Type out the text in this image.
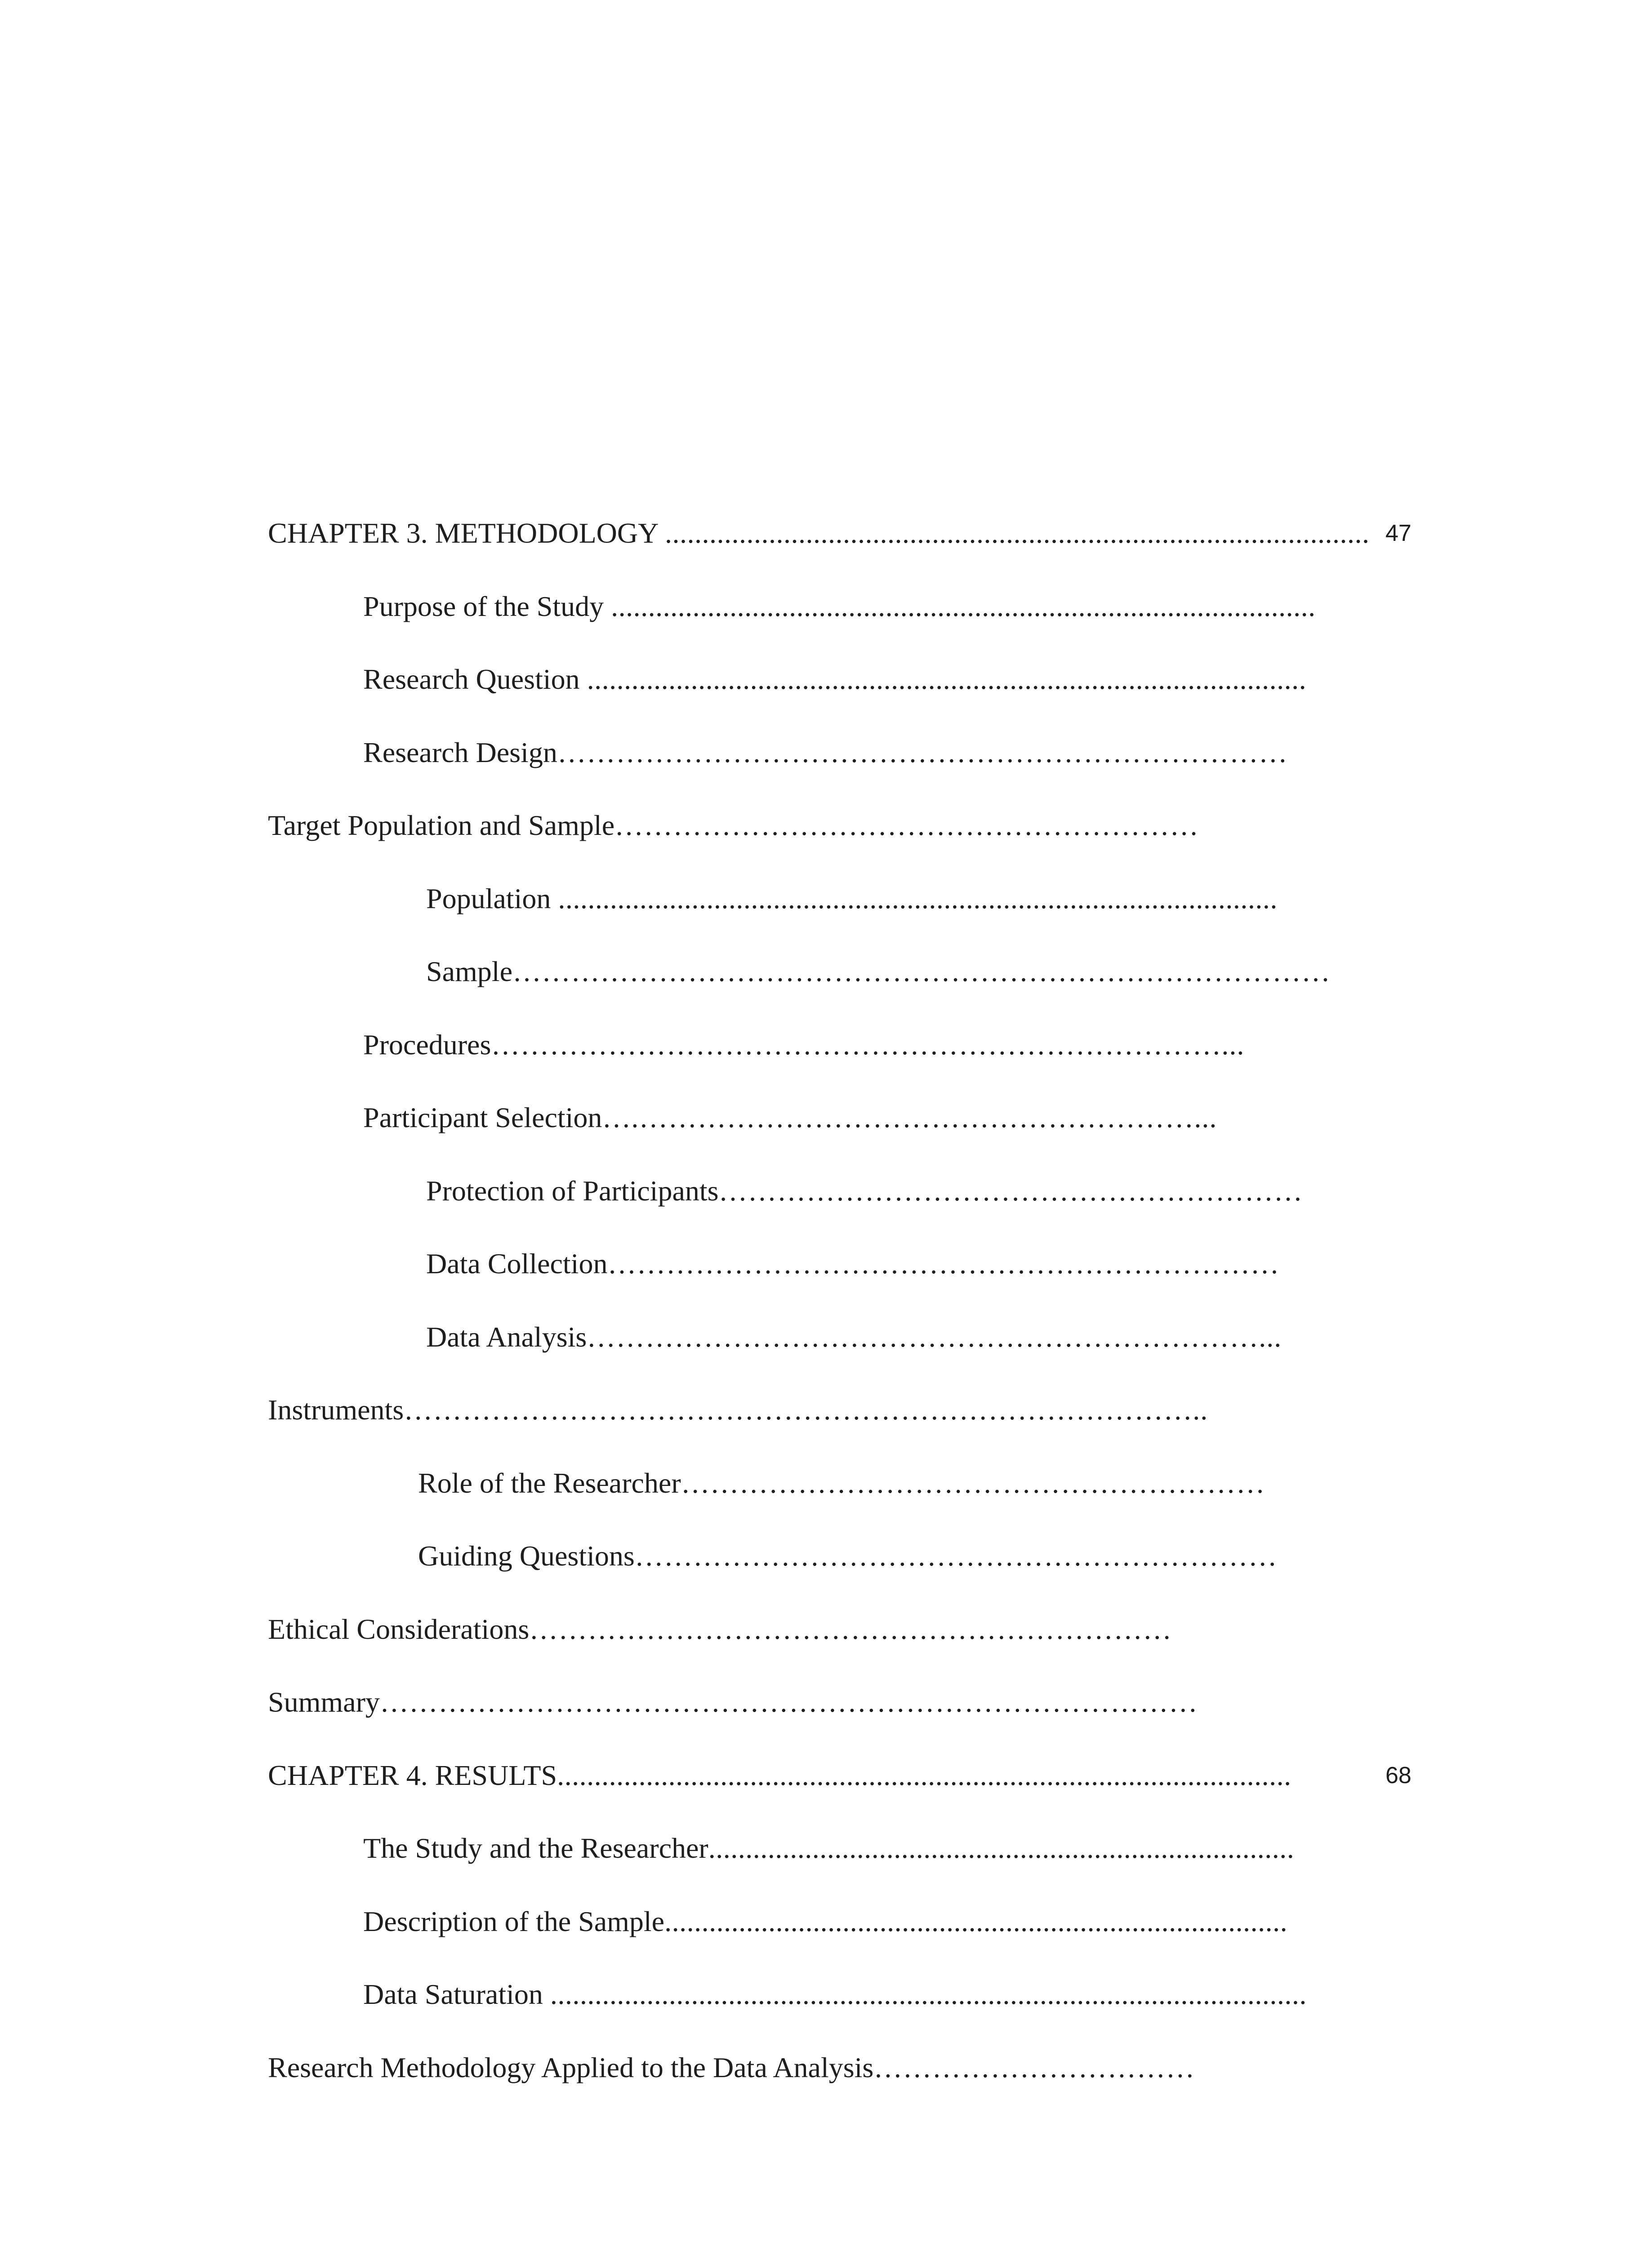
CHAPTER 3. METHODOLOGY ............................................................................................... 47
Purpose of the Study ...............................................................................................
Research Question .................................................................................................
Research Design…………………………………………………………………
Target Population and Sample……………………………………………………
Population .................................................................................................
Sample…………………………………………………………………………
Procedures…………………………………………………………………...
Participant Selection….…………………………………………………...
Protection of Participants……………………………………………………
Data Collection……………………………………………………………
Data Analysis……………………………………………………………...
Instruments………………………………………………………………………..
Role of the Researcher……………………………………………………
Guiding Questions…………………………………………………………
Ethical Considerations…………………………………………………………
Summary…………………………………………………………………………
CHAPTER 4. RESULTS...................................................................................................	68
The Study and the Researcher...............................................................................
Description of the Sample....................................................................................
Data Saturation ......................................................................................................
Research Methodology Applied to the Data Analysis……………………………
